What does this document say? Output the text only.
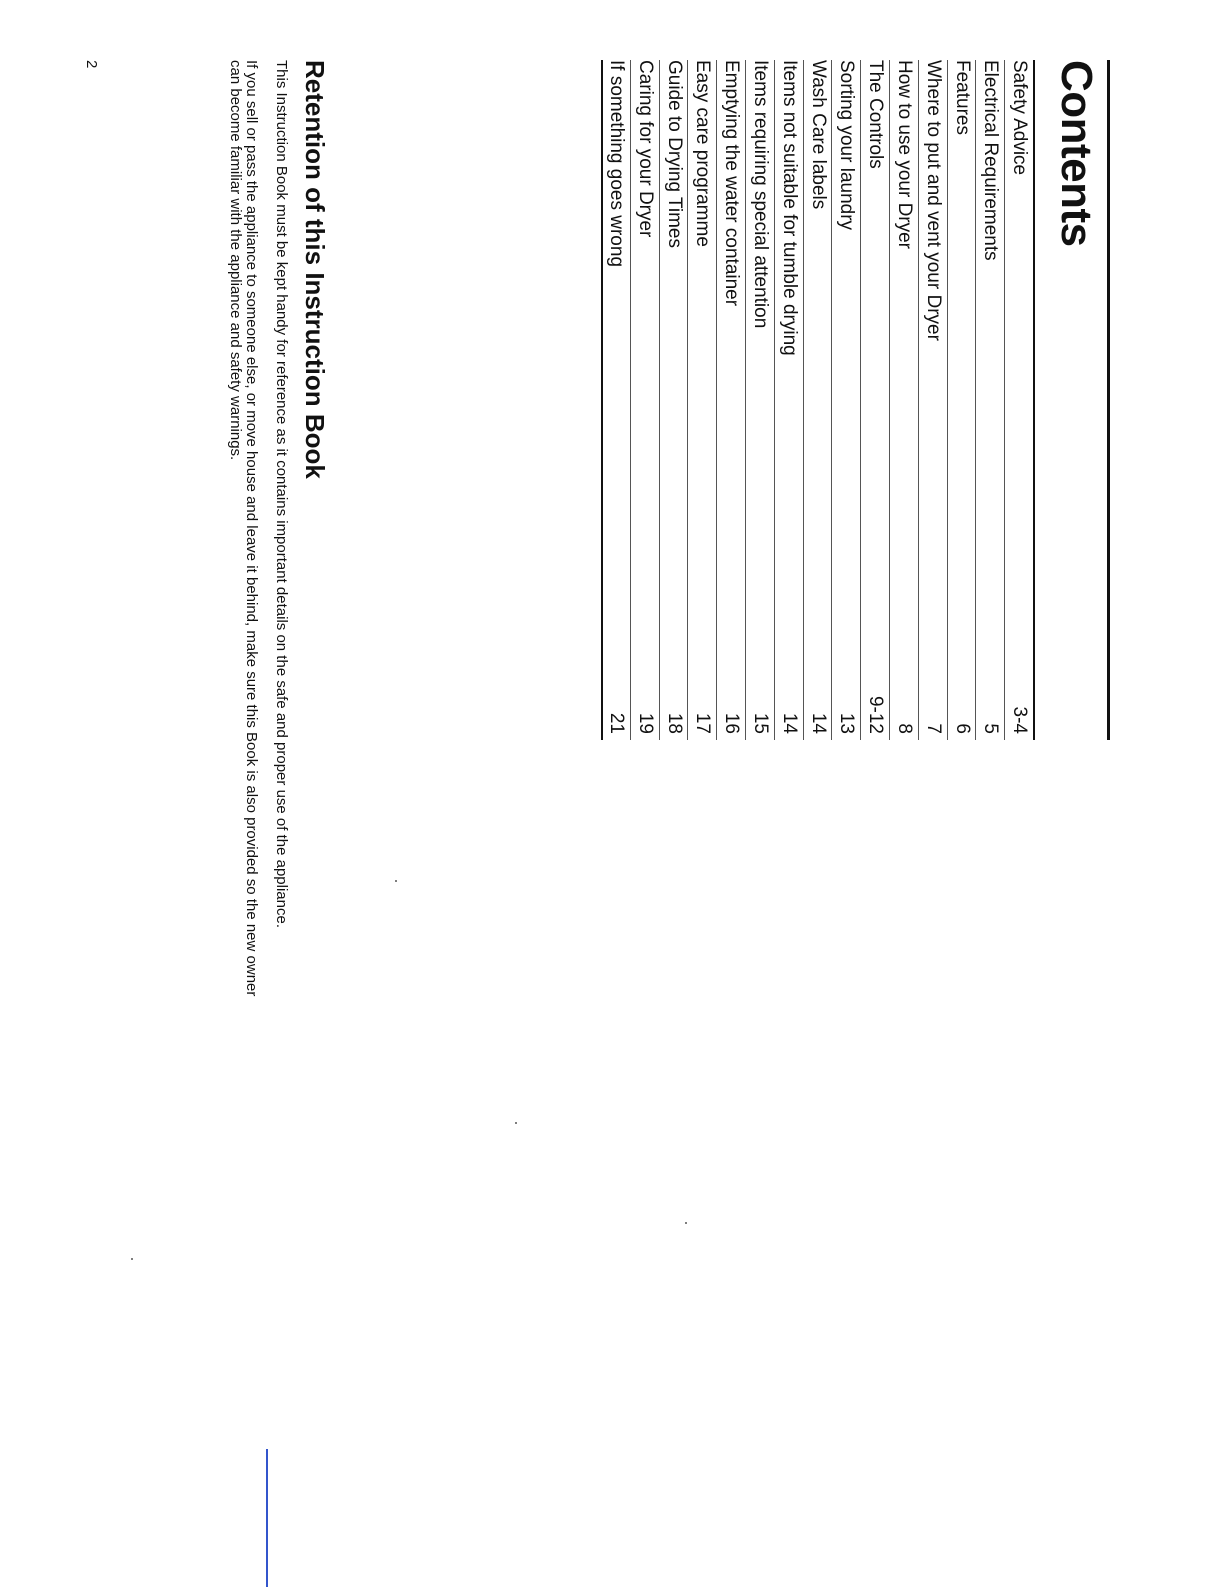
Contents
Safety Advice
3-4
Electrical Requirements
5
Features
6
Where to put and vent your Dryer
7
How to use your Dryer
8
The Controls
9-12
Sorting your laundry
13
Wash Care labels
14
Items not suitable for tumble drying
14
Items requiring special attention
15
Emptying the water container
16
Easy care programme
17
Guide to Drying Times
18
Caring for your Dryer
19
If something goes wrong
21
Retention of this Instruction Book

This Instruction Book must be kept handy for reference as it contains important details on the safe and proper use of the appliance.

If you sell or pass the appliance to someone else, or move house and leave it behind, make sure this Book is also provided so the new owner can become familiar with the appliance and safety warnings.

2
